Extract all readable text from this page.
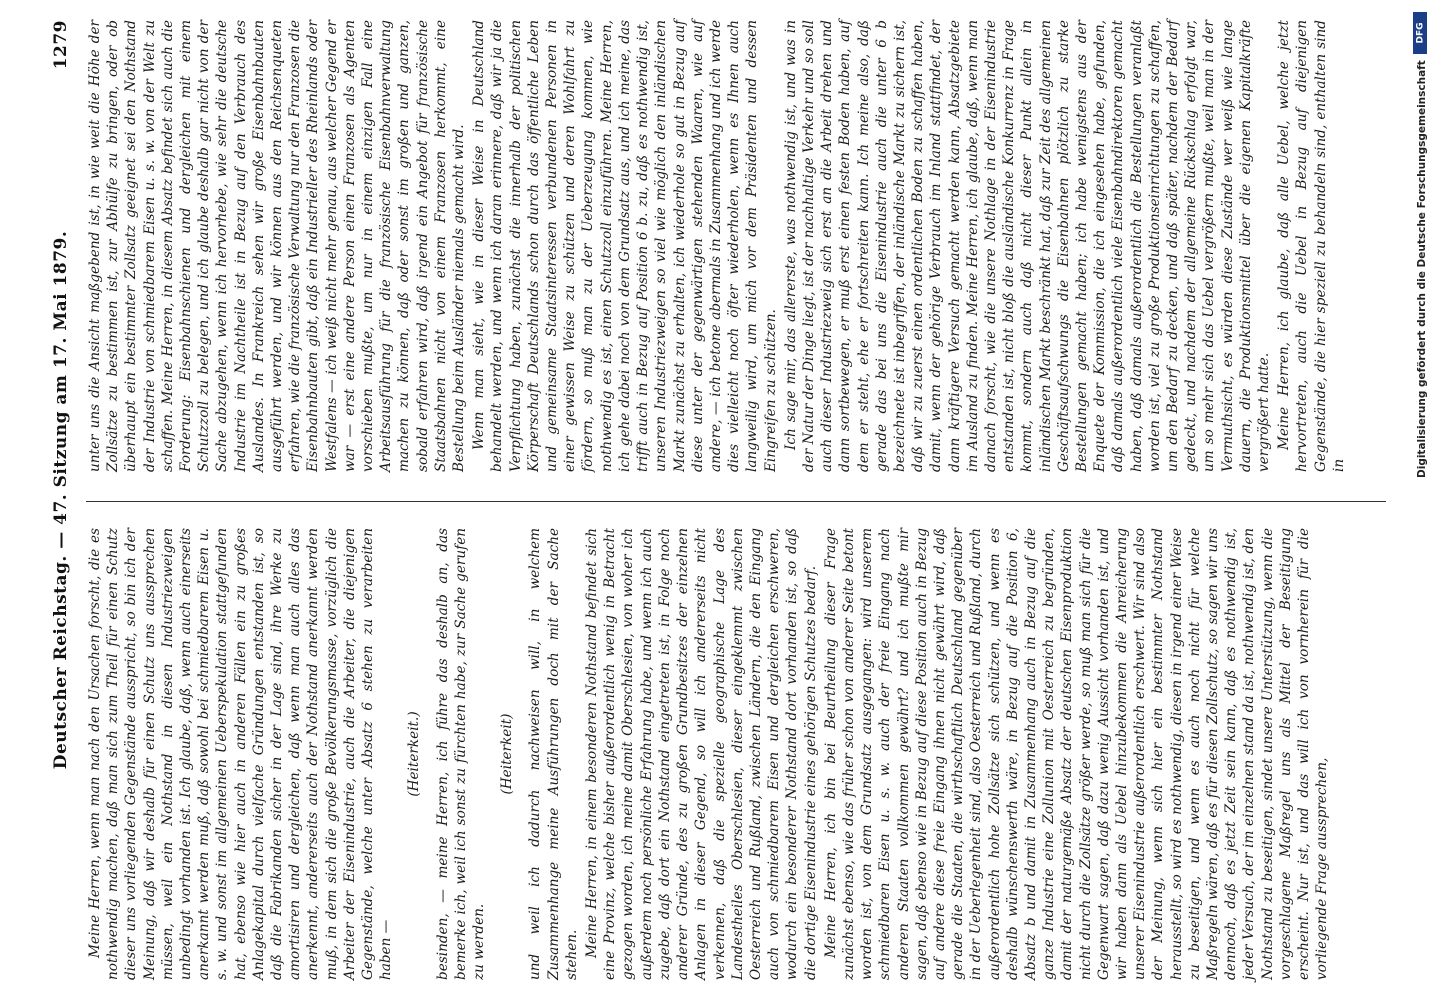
Deutscher Reichstag. — 47. Sitzung am 17. Mai 1879.
1279

Meine Herren, wenn man nach den Ursachen forscht, die es nothwendig machen, daß man sich zum Theil für einen Schutz dieser uns vorliegenden Gegenstände ausspricht, so bin ich der Meinung, daß wir deshalb für einen Schutz uns aussprechen müssen, weil ein Nothstand in diesen Industriezweigen unbedingt vorhanden ist. Ich glaube, daß, wenn auch einerseits anerkannt werden muß, daß sowohl bei schmiedbarem Eisen u. s. w. und sonst im allgemeinen Ueberspekulation stattgefunden hat, ebenso wie hier auch in anderen Fällen ein zu großes Anlagekapital durch vielfache Gründungen entstanden ist, so daß die Fabrikanden sicher in der Lage sind, ihre Werke zu amortisiren und dergleichen, daß wenn man auch alles das anerkennt, andererseits auch der Nothstand anerkannt werden muß, in dem sich die große Bevölkerungsmasse, vorzüglich die Arbeiter der Eisenindustrie, auch die Arbeiter, die diejenigen Gegenstände, welche unter Absatz 6 stehen zu verarbeiten haben —

(Heiterkeit.) besinden, — meine Herren, ich führe das deshalb an, das bemerke ich, weil ich sonst zu fürchten habe, zur Sache gerufen zu werden.

(Heiterkeit) und weil ich dadurch nachweisen will, in welchem Zusammenhange meine Ausführungen doch mit der Sache stehen. Meine Herren, in einem besonderen Nothstand befindet sich eine Provinz, welche bisher außerordentlich wenig in Betracht gezogen worden, ich meine damit Oberschlesien, von woher ich außerdem noch persönliche Erfahrung habe, und wenn ich auch zugebe, daß dort ein Nothstand eingetreten ist, in Folge noch anderer Gründe, des zu großen Grundbesitzes der einzelnen Anlagen in dieser Gegend, so will ich andererseits nicht verkennen, daß die spezielle geographische Lage des Landestheiles Oberschlesien, dieser eingeklemmt zwischen Oesterreich und Rußland, zwischen Ländern, die den Eingang auch von schmiedbarem Eisen und dergleichen erschweren, wodurch ein besonderer Nothstand dort vorhanden ist, so daß die dortige Eisenindustrie eines gehörigen Schutzes bedarf. Meine Herren, ich bin bei Beurtheilung dieser Frage zunächst ebenso, wie das früher schon von anderer Seite betont worden ist, von dem Grundsatz ausgegangen: wird unserem schmiedbaren Eisen u. s. w. auch der freie Eingang nach anderen Staaten vollkommen gewährt? und ich mußte mir sagen, daß ebenso wie in Bezug auf diese Position auch in Bezug auf andere diese freie Eingang ihnen nicht gewährt wird, daß gerade die Staaten, die wirthschaftlich Deutschland gegenüber in der Ueberlegenheit sind, also Oesterreich und Rußland, durch außerordentlich hohe Zollsätze sich schützen, und wenn es deshalb wünschenswerth wäre, in Bezug auf die Position 6, Absatz b und damit in Zusammenhang auch in Bezug auf die ganze Industrie eine Zollunion mit Oesterreich zu begründen, damit der naturgemäße Absatz der deutschen Eisenproduktion nicht durch die Zollsätze größer werde, so muß man sich für die Gegenwart sagen, daß dazu wenig Aussicht vorhanden ist, und wir haben dann als Uebel hinzubekommen die Anreicherung unserer Eisenindustrie außerordentlich erschwert. Wir sind also der Meinung, wenn sich hier ein bestimmter Nothstand herausstellt, so wird es nothwendig, diesen in irgend einer Weise zu beseitigen, und wenn es auch noch nicht für welche Maßregeln wären, daß es für diesen Zollschutz, so sagen wir uns dennoch, daß es jetzt Zeit sein kann, daß es nothwendig ist, jeder Versuch, der im einzelnen stand da ist, nothwendig ist, den Nothstand zu beseitigen, sindet unsere Unterstützung, wenn die vorgeschlagene Maßregel uns als Mittel der Beseitigung erscheint. Nur ist, und das will ich von vornherein für die vorliegende Frage aussprechen,

unter uns die Ansicht maßgebend ist, in wie weit die Höhe der Zollsätze zu bestimmen ist, zur Abhülfe zu bringen, oder ob überhaupt ein bestimmter Zollsatz geeignet sei den Nothstand der Industrie von schmiedbarem Eisen u. s. w. von der Welt zu schaffen. Meine Herren, in diesem Absatz befindet sich auch die Forderung: Eisenbahnschienen und dergleichen mit einem Schutzzoll zu belegen, und ich glaube deshalb gar nicht von der Sache abzugehen, wenn ich hervorhebe, wie sehr die deutsche Industrie im Nachtheile ist in Bezug auf den Verbrauch des Auslandes. In Frankreich sehen wir große Eisenbahnbauten ausgeführt werden, und wir können aus den Reichsenqueten erfahren, wie die französische Verwaltung nur den Franzosen die Eisenbahnbauten gibt, daß ein Industrieller des Rheinlands oder Westfalens — ich weiß nicht mehr genau, aus welcher Gegend er war — erst eine andere Person einen Franzosen als Agenten vorschieben mußte, um nur in einem einzigen Fall eine Arbeitsausführung für die französische Eisenbahnverwaltung machen zu können, daß oder sonst im großen und ganzen, sobald erfahren wird, daß irgend ein Angebot für französische Staatsbahnen nicht von einem Franzosen herkommt, eine Bestellung beim Ausländer niemals gemacht wird. Wenn man sieht, wie in dieser Weise in Deutschland behandelt werden, und wenn ich daran erinnere, daß wir ja die Verpflichtung haben, zunächst die innerhalb der politischen Körperschaft Deutschlands schon durch das öffentliche Leben und gemeinsame Staatsinteressen verbundenen Personen in einer gewissen Weise zu schützen und deren Wohlfahrt zu fördern, so muß man zu der Ueberzeugung kommen, wie nothwendig es ist, einen Schutzzoll einzuführen. Meine Herren, ich gehe dabei noch von dem Grundsatz aus, und ich meine, das trifft auch in Bezug auf Position 6 b. zu, daß es nothwendig ist, unseren Industriezweigen so viel wie möglich den inländischen Markt zunächst zu erhalten, ich wiederhole so gut in Bezug auf diese unter der gegenwärtigen stehenden Waaren, wie auf andere, — ich betone abermals in Zusammenhang und ich werde dies vielleicht noch öfter wiederholen, wenn es Ihnen auch langweilig wird, um mich vor dem Präsidenten und dessen Eingreifen zu schützen. Ich sage mir, das allererste, was nothwendig ist, und was in der Natur der Dinge liegt, ist der nachhaltige Verkehr und so soll auch dieser Industriezweig sich erst an die Arbeit drehen und dann sortbewegen, er muß erst einen festen Boden haben, auf dem er steht, ehe er fortschreiten kann. Ich meine also, daß gerade das bei uns die Eisenindustrie auch die unter 6 b bezeichnete ist inbegriffen, der inländische Markt zu sichern ist, daß wir zu zuerst einen ordentlichen Boden zu schaffen haben, damit, wenn der gehörige Verbrauch im Inland stattfindet, der dann kräftigere Versuch gemacht werden kann, Absatzgebiete im Ausland zu finden. Meine Herren, ich glaube, daß, wenn man danach forscht, wie die unsere Nothlage in der Eisenindustrie entstanden ist, nicht bloß die ausländische Konkurrenz in Frage kommt, sondern auch daß nicht dieser Punkt allein in inländischen Markt beschränkt hat, daß zur Zeit des allgemeinen Geschäftsaufschwungs die Eisenbahnen plötzlich zu starke Bestellungen gemacht haben; ich habe wenigstens aus der Enquete der Kommission, die ich eingesehen habe, gefunden, daß damals außerordentlich viele Eisenbahndirektoren gemacht haben, daß damals außerordentlich die Bestellungen veranlaßt worden ist, viel zu große Produktionseinrichtungen zu schaffen, um den Bedarf zu decken, und daß später, nachdem der Bedarf gedeckt, und nachdem der allgemeine Rückschlag erfolgt war, um so mehr sich das Uebel vergrößern mußte, weil man in der Vermuthsicht, es würden diese Zustände wer weiß wie lange dauern, die Produktionsmittel über die eigenen Kapitalkräfte vergrößert hatte. Meine Herren, ich glaube, daß alle Uebel, welche jetzt hervortreten, auch die Uebel in Bezug auf diejenigen Gegenstände, die hier speziell zu behandeln sind, enthalten sind in

DFG
Digitalisierung gefördert durch die Deutsche Forschungsgemeinschaft
